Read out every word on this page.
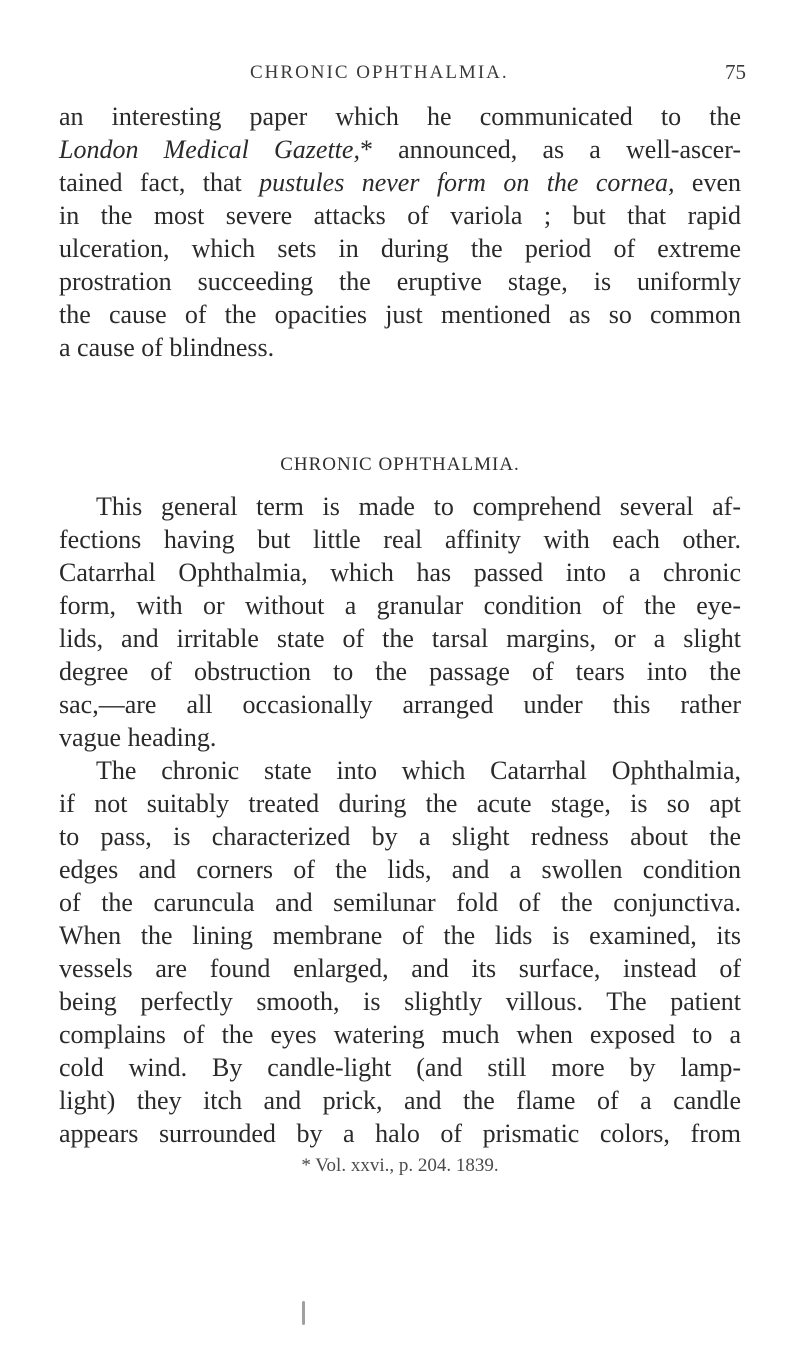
CHRONIC OPHTHALMIA.	75
an interesting paper which he communicated to the
London Medical Gazette,* announced, as a well-ascer-
tained fact, that pustules never form on the cornea, even
in the most severe attacks of variola ; but that rapid
ulceration, which sets in during the period of extreme
prostration succeeding the eruptive stage, is uniformly
the cause of the opacities just mentioned as so common
a cause of blindness.
CHRONIC OPHTHALMIA.
This general term is made to comprehend several af-
fections having but little real affinity with each other.
Catarrhal Ophthalmia, which has passed into a chronic
form, with or without a granular condition of the eye-
lids, and irritable state of the tarsal margins, or a slight
degree of obstruction to the passage of tears into the
sac,—are all occasionally arranged under this rather
vague heading.
The chronic state into which Catarrhal Ophthalmia,
if not suitably treated during the acute stage, is so apt
to pass, is characterized by a slight redness about the
edges and corners of the lids, and a swollen condition
of the caruncula and semilunar fold of the conjunctiva.
When the lining membrane of the lids is examined, its
vessels are found enlarged, and its surface, instead of
being perfectly smooth, is slightly villous. The patient
complains of the eyes watering much when exposed to a
cold wind. By candle-light (and still more by lamp-
light) they itch and prick, and the flame of a candle
appears surrounded by a halo of prismatic colors, from
* Vol. xxvi., p. 204. 1839.
